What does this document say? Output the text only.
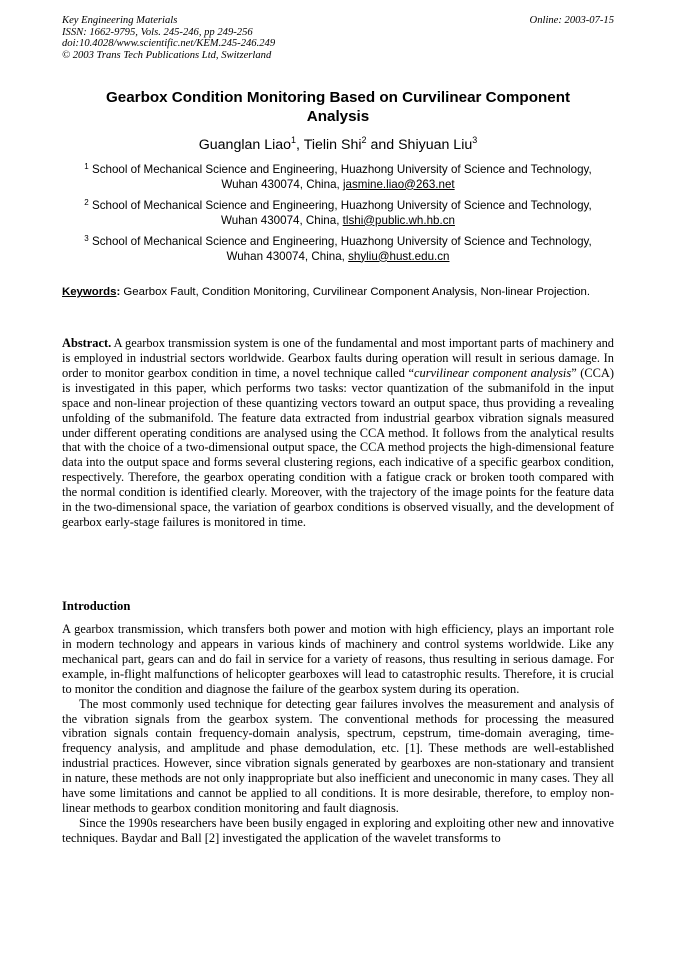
Key Engineering Materials
ISSN: 1662-9795, Vols. 245-246, pp 249-256
doi:10.4028/www.scientific.net/KEM.245-246.249
© 2003 Trans Tech Publications Ltd, Switzerland
Online: 2003-07-15
Gearbox Condition Monitoring Based on Curvilinear Component
Analysis
Guanglan Liao$^1$, Tielin Shi$^2$ and Shiyuan Liu$^3$
$^1$ School of Mechanical Science and Engineering, Huazhong University of Science and Technology,
Wuhan 430074, China, jasmine.liao@263.net
$^2$ School of Mechanical Science and Engineering, Huazhong University of Science and Technology,
Wuhan 430074, China, tlshi@public.wh.hb.cn
$^3$ School of Mechanical Science and Engineering, Huazhong University of Science and Technology,
Wuhan 430074, China, shyliu@hust.edu.cn
Keywords: Gearbox Fault, Condition Monitoring, Curvilinear Component Analysis, Non-linear Projection.

Abstract. A gearbox transmission system is one of the fundamental and most important parts of machinery and is employed in industrial sectors worldwide. Gearbox faults during operation will result in serious damage. In order to monitor gearbox condition in time, a novel technique called “curvilinear component analysis” (CCA) is investigated in this paper, which performs two tasks: vector quantization of the submanifold in the input space and non-linear projection of these quantizing vectors toward an output space, thus providing a revealing unfolding of the submanifold. The feature data extracted from industrial gearbox vibration signals measured under different operating conditions are analysed using the CCA method. It follows from the analytical results that with the choice of a two-dimensional output space, the CCA method projects the high-dimensional feature data into the output space and forms several clustering regions, each indicative of a specific gearbox condition, respectively. Therefore, the gearbox operating condition with a fatigue crack or broken tooth compared with the normal condition is identified clearly. Moreover, with the trajectory of the image points for the feature data in the two-dimensional space, the variation of gearbox conditions is observed visually, and the development of gearbox early-stage failures is monitored in time.

Introduction

A gearbox transmission, which transfers both power and motion with high efficiency, plays an important role in modern technology and appears in various kinds of machinery and control systems worldwide. Like any mechanical part, gears can and do fail in service for a variety of reasons, thus resulting in serious damage. For example, in-flight malfunctions of helicopter gearboxes will lead to catastrophic results. Therefore, it is crucial to monitor the condition and diagnose the failure of the gearbox system during its operation.

The most commonly used technique for detecting gear failures involves the measurement and analysis of the vibration signals from the gearbox system. The conventional methods for processing the measured vibration signals contain frequency-domain analysis, spectrum, cepstrum, time-domain averaging, time-frequency analysis, and amplitude and phase demodulation, etc. [1]. These methods are well-established industrial practices. However, since vibration signals generated by gearboxes are non-stationary and transient in nature, these methods are not only inappropriate but also inefficient and uneconomic in many cases. They all have some limitations and cannot be applied to all conditions. It is more desirable, therefore, to employ non-linear methods to gearbox condition monitoring and fault diagnosis.

Since the 1990s researchers have been busily engaged in exploring and exploiting other new and innovative techniques. Baydar and Ball [2] investigated the application of the wavelet transforms to
